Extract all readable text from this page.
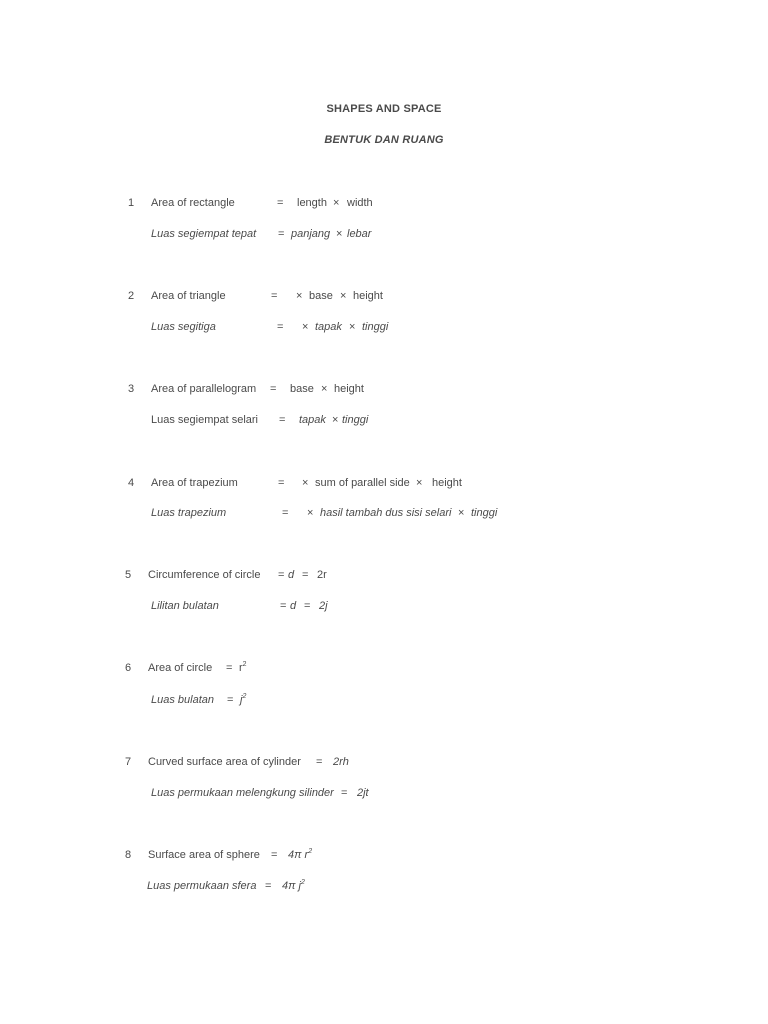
SHAPES AND SPACE
BENTUK DAN RUANG
1 Area of rectangle	= length × width
Luas segiempat tepat = panjang × lebar
2 Area of triangle	= × base × height
Luas segitiga	= × tapak × tinggi
3 Area of parallelogram = base × height
Luas segiempat selari = tapak × tinggi
4 Area of trapezium	= × sum of parallel side × height
Luas trapezium	= × hasil tambah dus sisi selari × tinggi
5 Circumference of circle = d = 2r
Lilitan bulatan	= d = 2j
6 Area of circle = $r^2$
Luas bulatan = $j^2$
7 Curved surface area of cylinder = 2rh
Luas permukaan melengkung silinder = 2jt
8 Surface area of sphere = 4π $r^2$
Luas permukaan sfera = 4π $j^2$
